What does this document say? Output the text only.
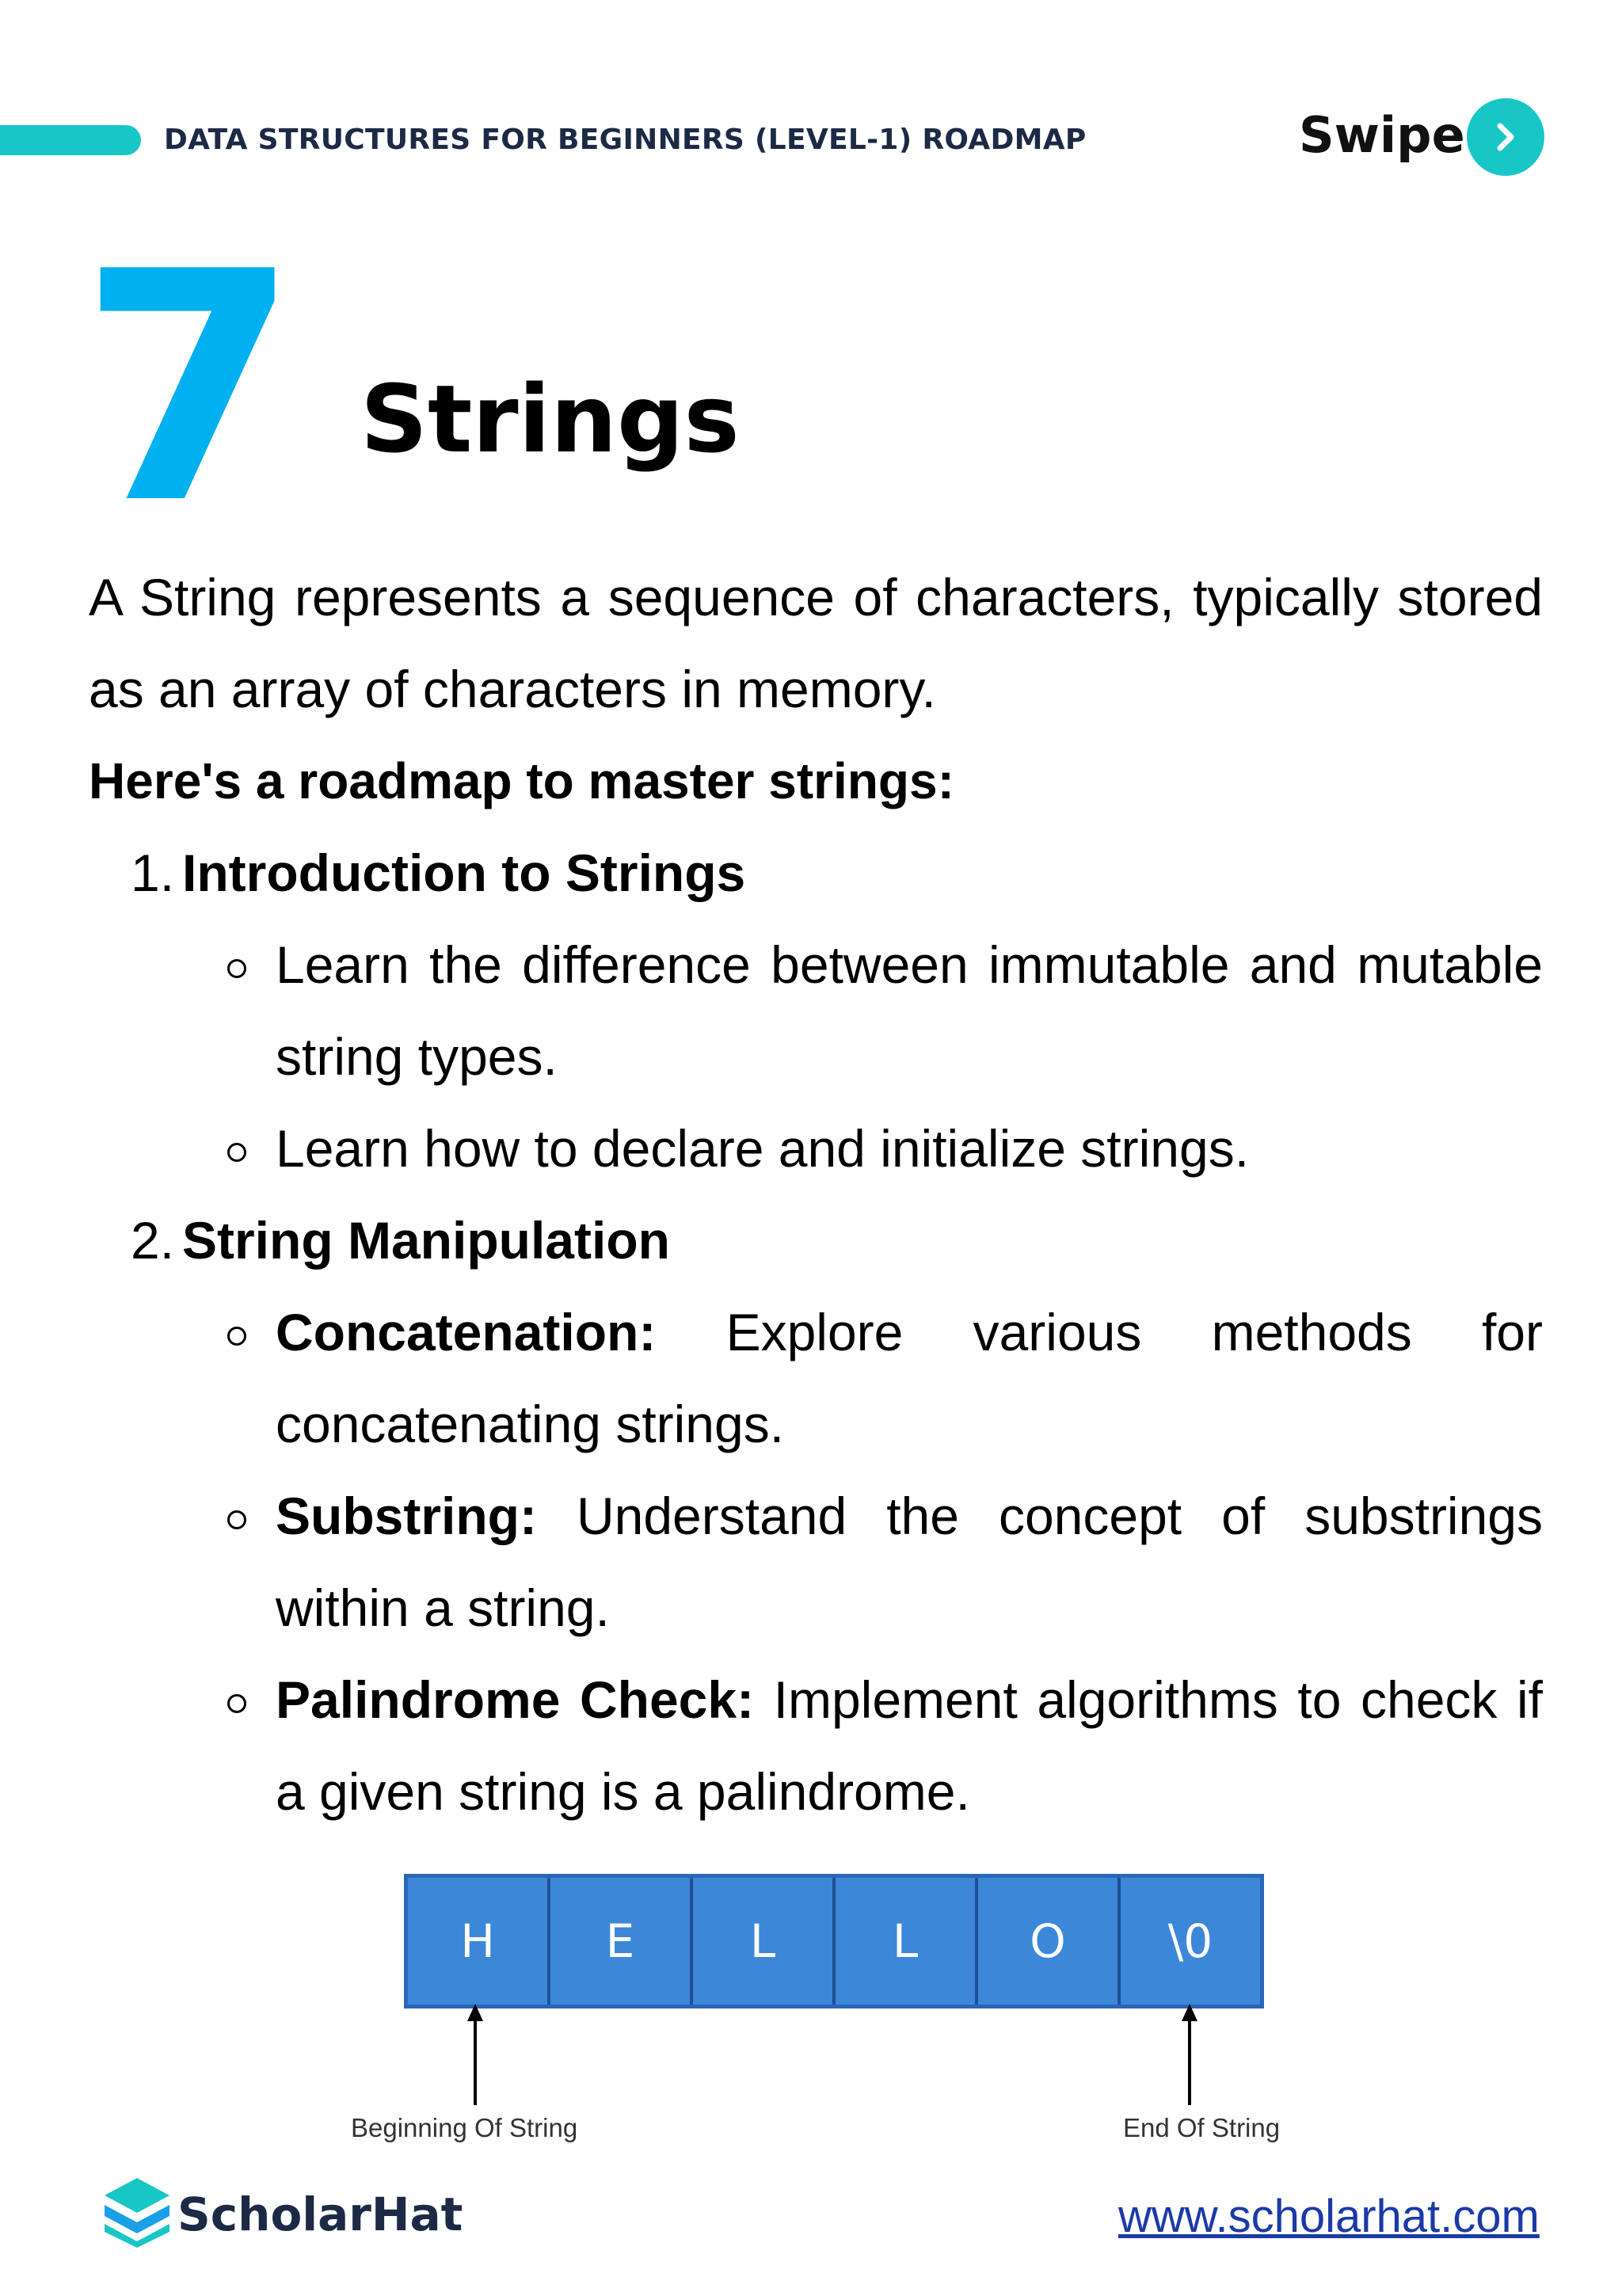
DATA STRUCTURES FOR BEGINNERS (LEVEL-1) ROADMAP	Swipe
7 Strings
A String represents a sequence of characters, typically stored as an array of characters in memory.
Here's a roadmap to master strings:
1. Introduction to Strings
Learn the difference between immutable and mutable string types.
Learn how to declare and initialize strings.
2. String Manipulation
Concatenation: Explore various methods for concatenating strings.
Substring: Understand the concept of substrings within a string.
Palindrome Check: Implement algorithms to check if a given string is a palindrome.
H	E	L	L	O	\0
Beginning Of String	End Of String
ScholarHat	www.scholarhat.com
